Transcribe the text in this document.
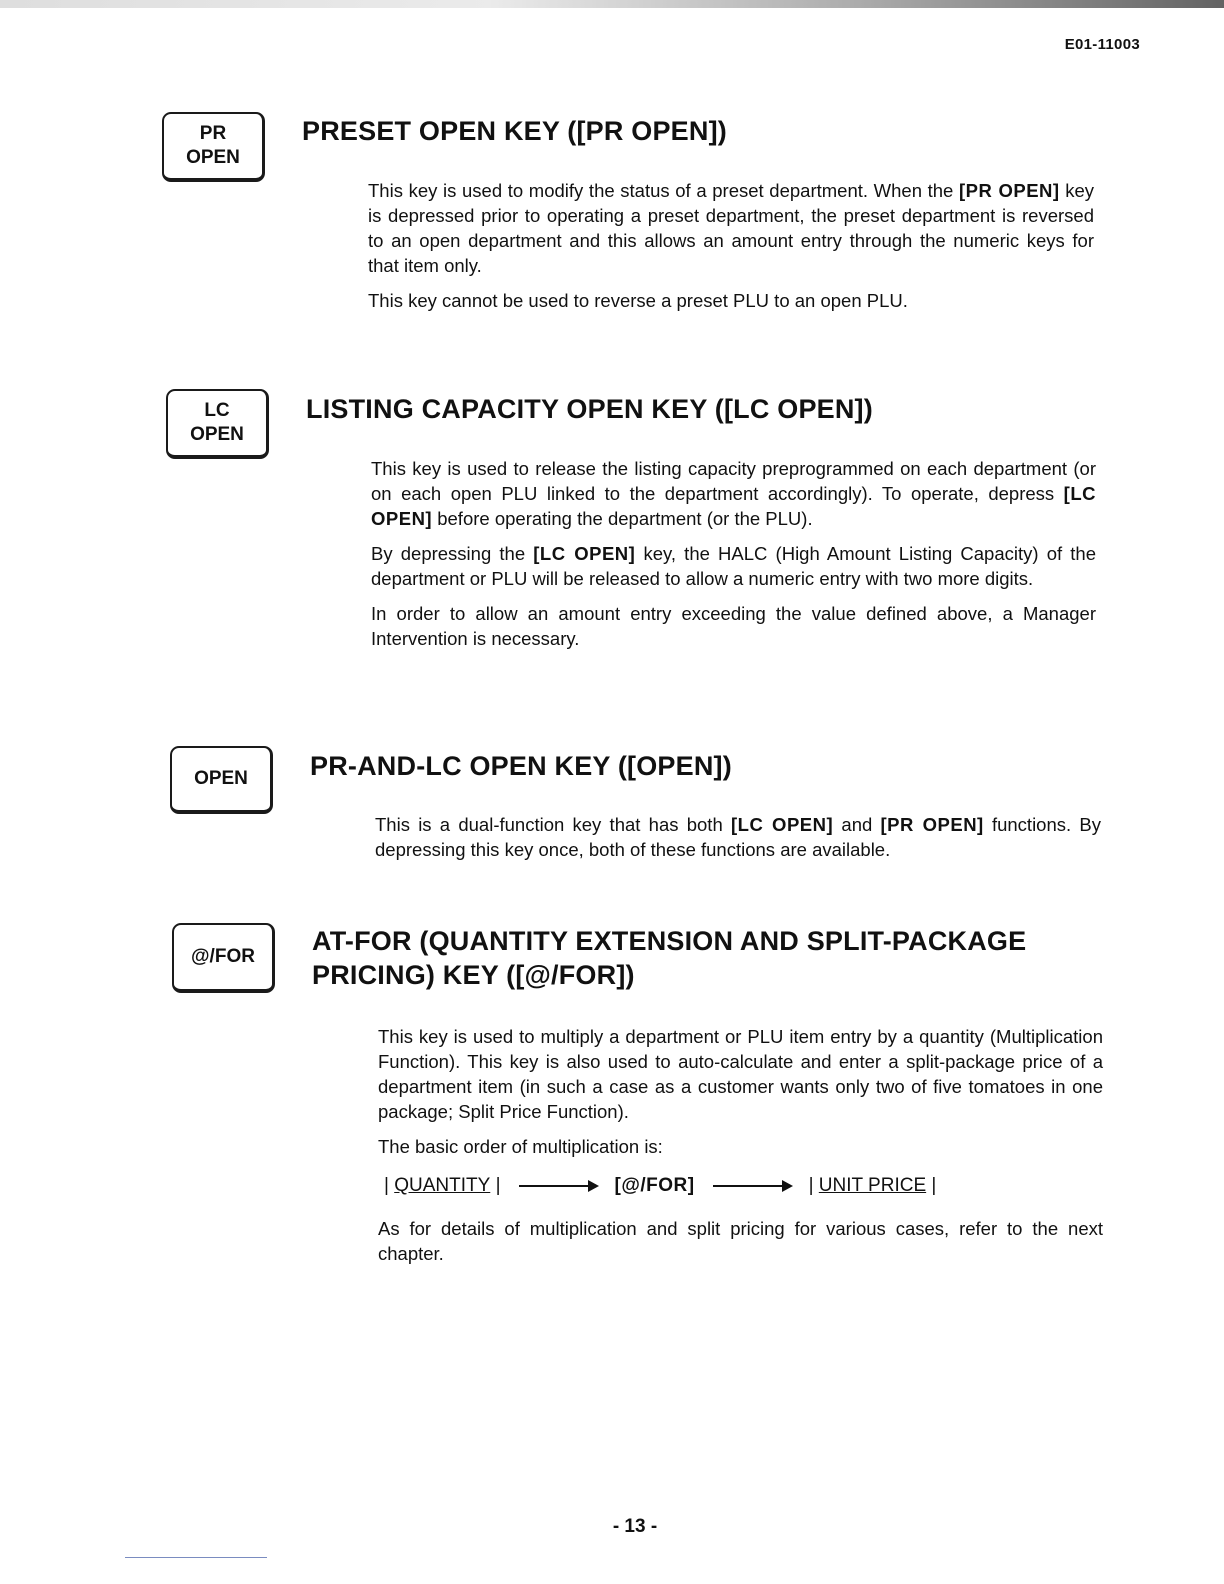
E01-11003
PR
OPEN
PRESET OPEN KEY ([PR OPEN])

This key is used to modify the status of a preset department. When the [PR OPEN] key is depressed prior to operating a preset department, the preset department is reversed to an open department and this allows an amount entry through the numeric keys for that item only.

This key cannot be used to reverse a preset PLU to an open PLU.

LC
OPEN
LISTING CAPACITY OPEN KEY ([LC OPEN])

This key is used to release the listing capacity preprogrammed on each department (or on each open PLU linked to the department accordingly). To operate, depress [LC OPEN] before operating the department (or the PLU).

By depressing the [LC OPEN] key, the HALC (High Amount Listing Capacity) of the department or PLU will be released to allow a numeric entry with two more digits.

In order to allow an amount entry exceeding the value defined above, a Manager Intervention is necessary.

OPEN PR-AND-LC OPEN KEY ([OPEN])

This is a dual-function key that has both [LC OPEN] and [PR OPEN] functions. By depressing this key once, both of these functions are available.

@/FOR
AT-FOR (QUANTITY EXTENSION AND SPLIT-PACKAGE
PRICING) KEY ([@/FOR])

This key is used to multiply a department or PLU item entry by a quantity (Multiplication Function). This key is also used to auto-calculate and enter a split-package price of a department item (in such a case as a customer wants only two of five tomatoes in one package; Split Price Function).

The basic order of multiplication is:

|
QUANTITY
|	[@/FOR]	|
UNIT PRICE
|

As for details of multiplication and split pricing for various cases, refer to the next chapter.

- 13 -
